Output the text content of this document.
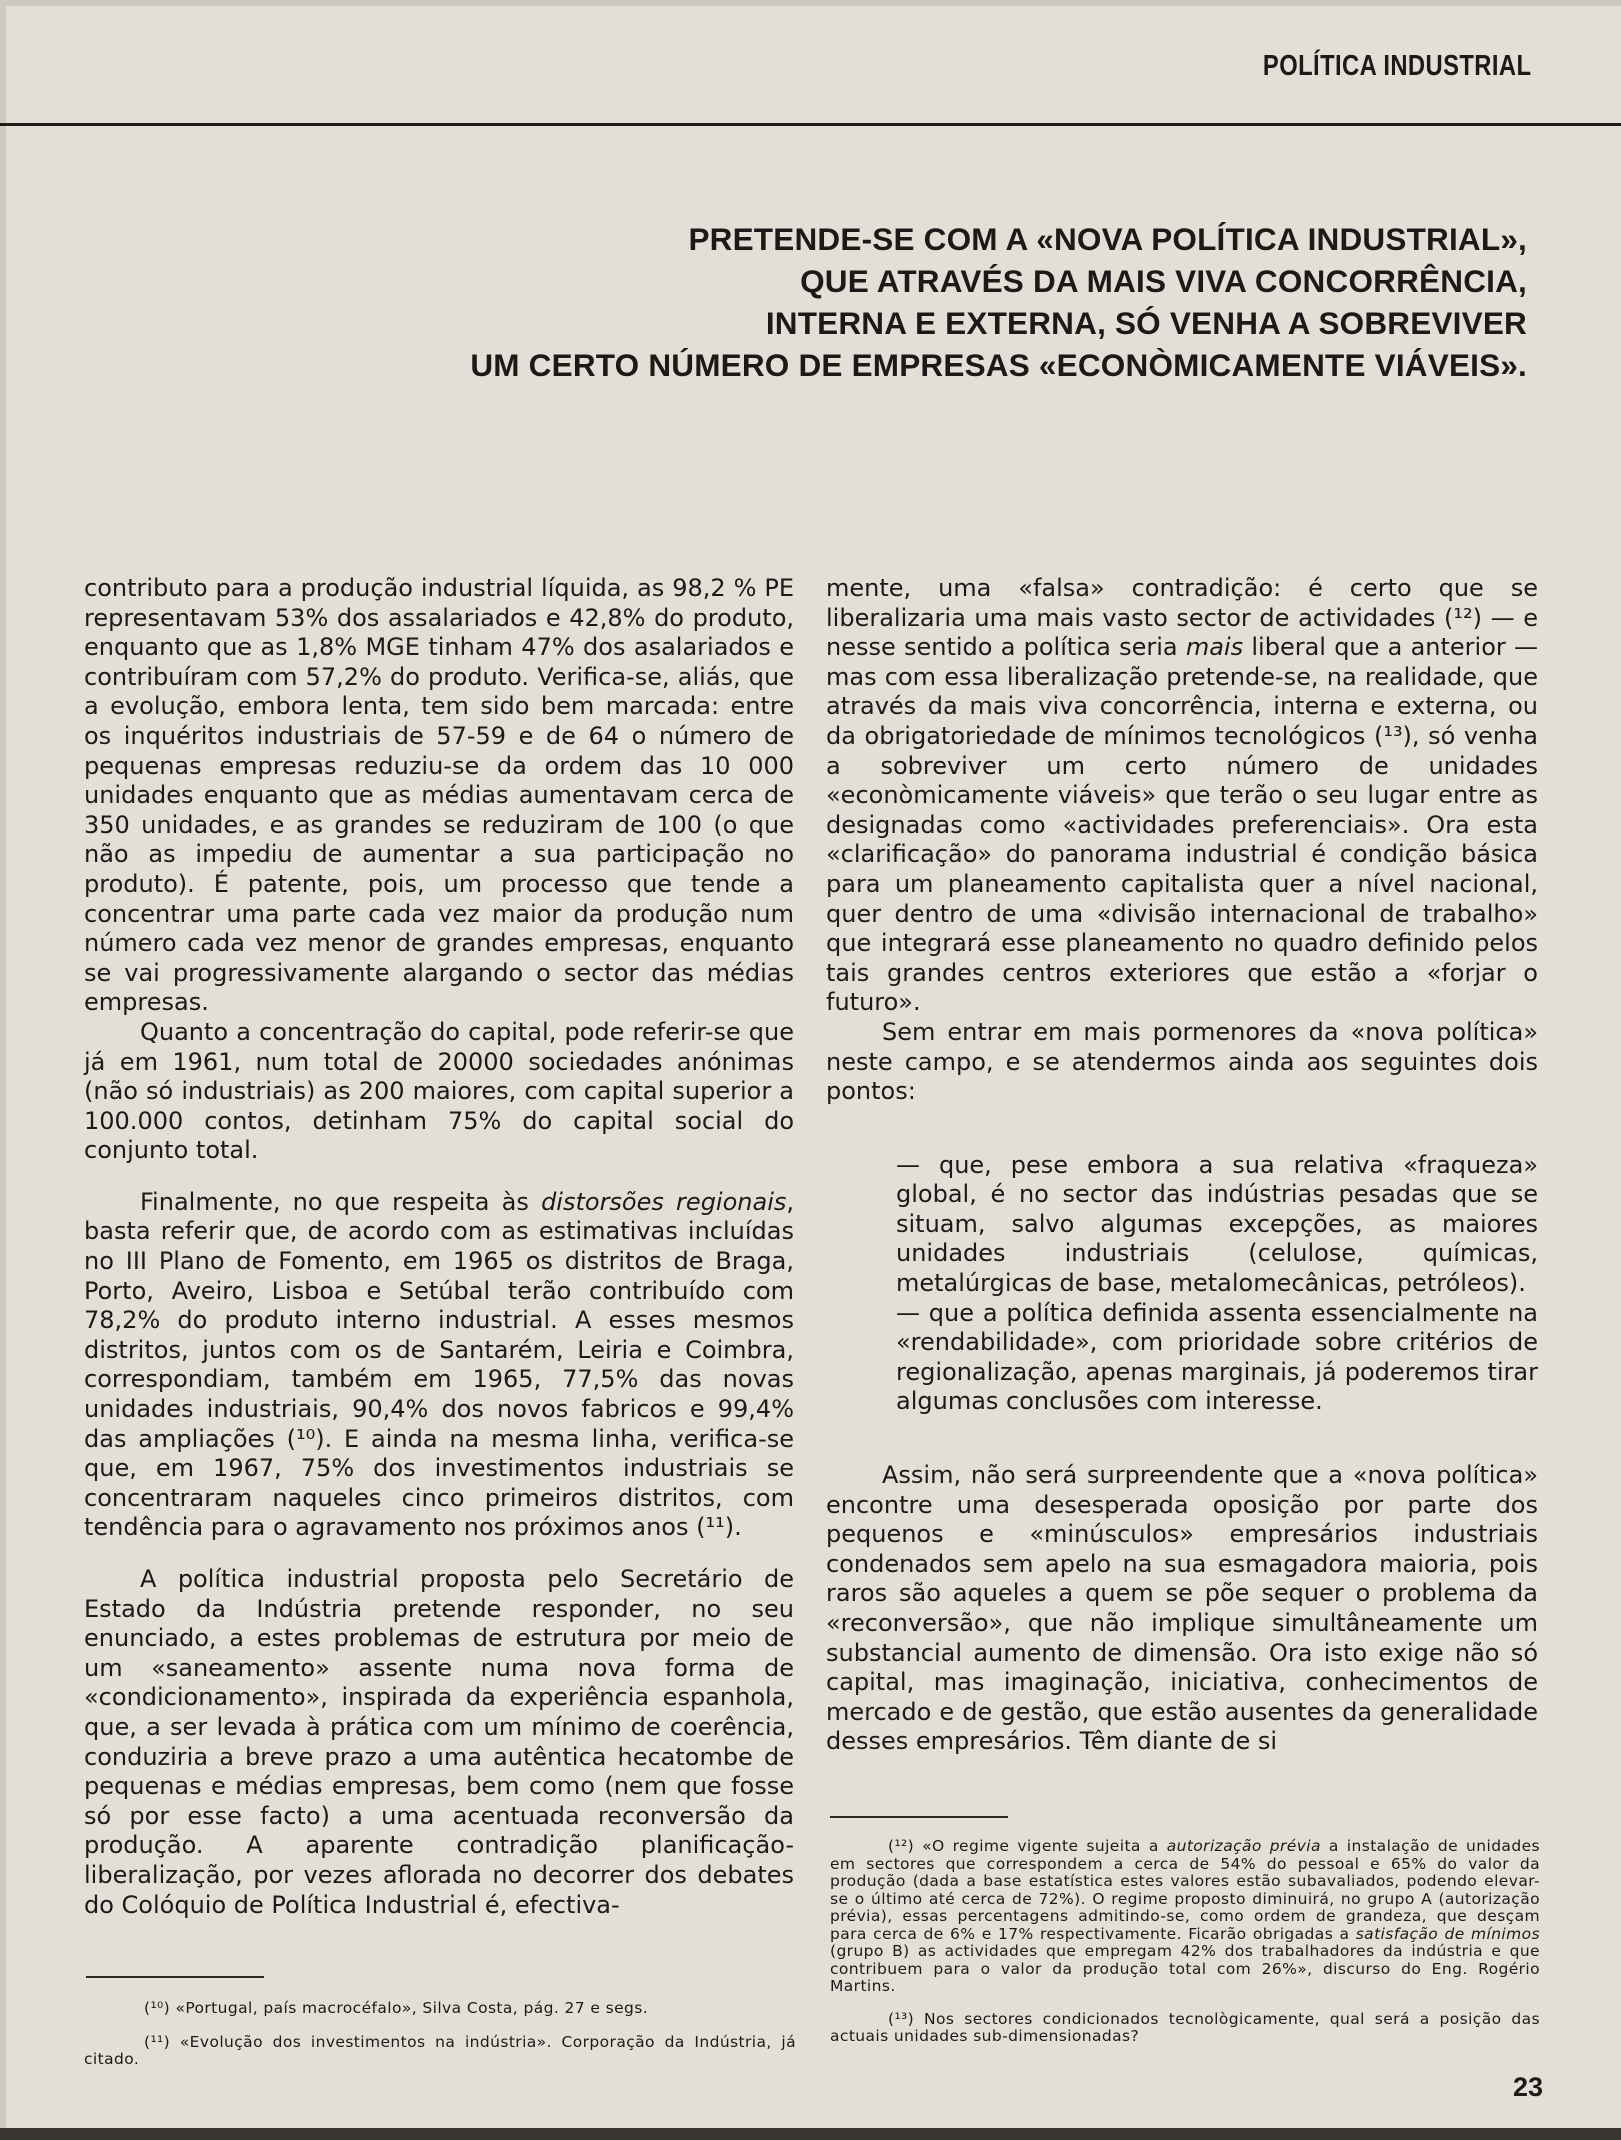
POLÍTICA INDUSTRIAL
PRETENDE-SE COM A «NOVA POLÍTICA INDUSTRIAL»,
QUE ATRAVÉS DA MAIS VIVA CONCORRÊNCIA,
INTERNA E EXTERNA, SÓ VENHA A SOBREVIVER
UM CERTO NÚMERO DE EMPRESAS «ECONÒMICAMENTE VIÁVEIS».

contributo para a produção industrial líquida, as 98,2 % PE representavam 53% dos assalariados e 42,8% do produto, enquanto que as 1,8% MGE tinham 47% dos asalariados e contribuíram com 57,2% do produto. Verifica-se, aliás, que a evolução, embora lenta, tem sido bem marcada: entre os inquéritos industriais de 57-59 e de 64 o número de pequenas empresas reduziu-se da ordem das 10 000 unidades enquanto que as médias aumentavam cerca de 350 unidades, e as grandes se reduziram de 100 (o que não as impediu de aumentar a sua participação no produto). É patente, pois, um processo que tende a concentrar uma parte cada vez maior da produção num número cada vez menor de grandes empresas, enquanto se vai progressivamente alargando o sector das médias empresas.

Quanto a concentração do capital, pode referir-se que já em 1961, num total de 20000 sociedades anónimas (não só industriais) as 200 maiores, com capital superior a 100.000 contos, detinham 75% do capital social do conjunto total.

Finalmente, no que respeita às distorsões regionais, basta referir que, de acordo com as estimativas incluídas no III Plano de Fomento, em 1965 os distritos de Braga, Porto, Aveiro, Lisboa e Setúbal terão contribuído com 78,2% do produto interno industrial. A esses mesmos distritos, juntos com os de Santarém, Leiria e Coimbra, correspondiam, também em 1965, 77,5% das novas unidades industriais, 90,4% dos novos fabricos e 99,4% das ampliações (¹⁰). E ainda na mesma linha, verifica-se que, em 1967, 75% dos investimentos industriais se concentraram naqueles cinco primeiros distritos, com tendência para o agravamento nos próximos anos (¹¹).

A política industrial proposta pelo Secretário de Estado da Indústria pretende responder, no seu enunciado, a estes problemas de estrutura por meio de um «saneamento» assente numa nova forma de «condicionamento», inspirada da experiência espanhola, que, a ser levada à prática com um mínimo de coerência, conduziria a breve prazo a uma autêntica hecatombe de pequenas e médias empresas, bem como (nem que fosse só por esse facto) a uma acentuada reconversão da produção. A aparente contradição planificação- liberalização, por vezes aflorada no decorrer dos debates do Colóquio de Política Industrial é, efectiva-

mente, uma «falsa» contradição: é certo que se liberalizaria uma mais vasto sector de actividades (¹²) — e nesse sentido a política seria mais liberal que a anterior — mas com essa liberalização pretende-se, na realidade, que através da mais viva concorrência, interna e externa, ou da obrigatoriedade de mínimos tecnológicos (¹³), só venha a sobreviver um certo número de unidades «econòmicamente viáveis» que terão o seu lugar entre as designadas como «actividades preferenciais». Ora esta «clarificação» do panorama industrial é condição básica para um planeamento capitalista quer a nível nacional, quer dentro de uma «divisão internacional de trabalho» que integrará esse planeamento no quadro definido pelos tais grandes centros exteriores que estão a «forjar o futuro».

Sem entrar em mais pormenores da «nova política» neste campo, e se atendermos ainda aos seguintes dois pontos:

— que, pese embora a sua relativa «fraqueza» global, é no sector das indústrias pesadas que se situam, salvo algumas excepções, as maiores unidades industriais (celulose, químicas, metalúrgicas de base, metalomecânicas, petróleos).

— que a política definida assenta essencialmente na «rendabilidade», com prioridade sobre critérios de regionalização, apenas marginais, já poderemos tirar algumas conclusões com interesse.

Assim, não será surpreendente que a «nova política» encontre uma desesperada oposição por parte dos pequenos e «minúsculos» empresários industriais condenados sem apelo na sua esmagadora maioria, pois raros são aqueles a quem se põe sequer o problema da «reconversão», que não implique simultâneamente um substancial aumento de dimensão. Ora isto exige não só capital, mas imaginação, iniciativa, conhecimentos de mercado e de gestão, que estão ausentes da generalidade desses empresários. Têm diante de si

(¹⁰) «Portugal, país macrocéfalo», Silva Costa, pág. 27 e segs.

(¹¹) «Evolução dos investimentos na indústria». Corporação da Indústria, já citado.

(¹²) «O regime vigente sujeita a autorização prévia a instalação de unidades em sectores que correspondem a cerca de 54% do pessoal e 65% do valor da produção (dada a base estatística estes valores estão subavaliados, podendo elevar-se o último até cerca de 72%). O regime proposto diminuirá, no grupo A (autorização prévia), essas percentagens admitindo-se, como ordem de grandeza, que desçam para cerca de 6% e 17% respectivamente. Ficarão obrigadas a satisfação de mínimos (grupo B) as actividades que empregam 42% dos trabalhadores da indústria e que contribuem para o valor da produção total com 26%», discurso do Eng. Rogério Martins.

(¹³) Nos sectores condicionados tecnològicamente, qual será a posição das actuais unidades sub-dimensionadas?

23
